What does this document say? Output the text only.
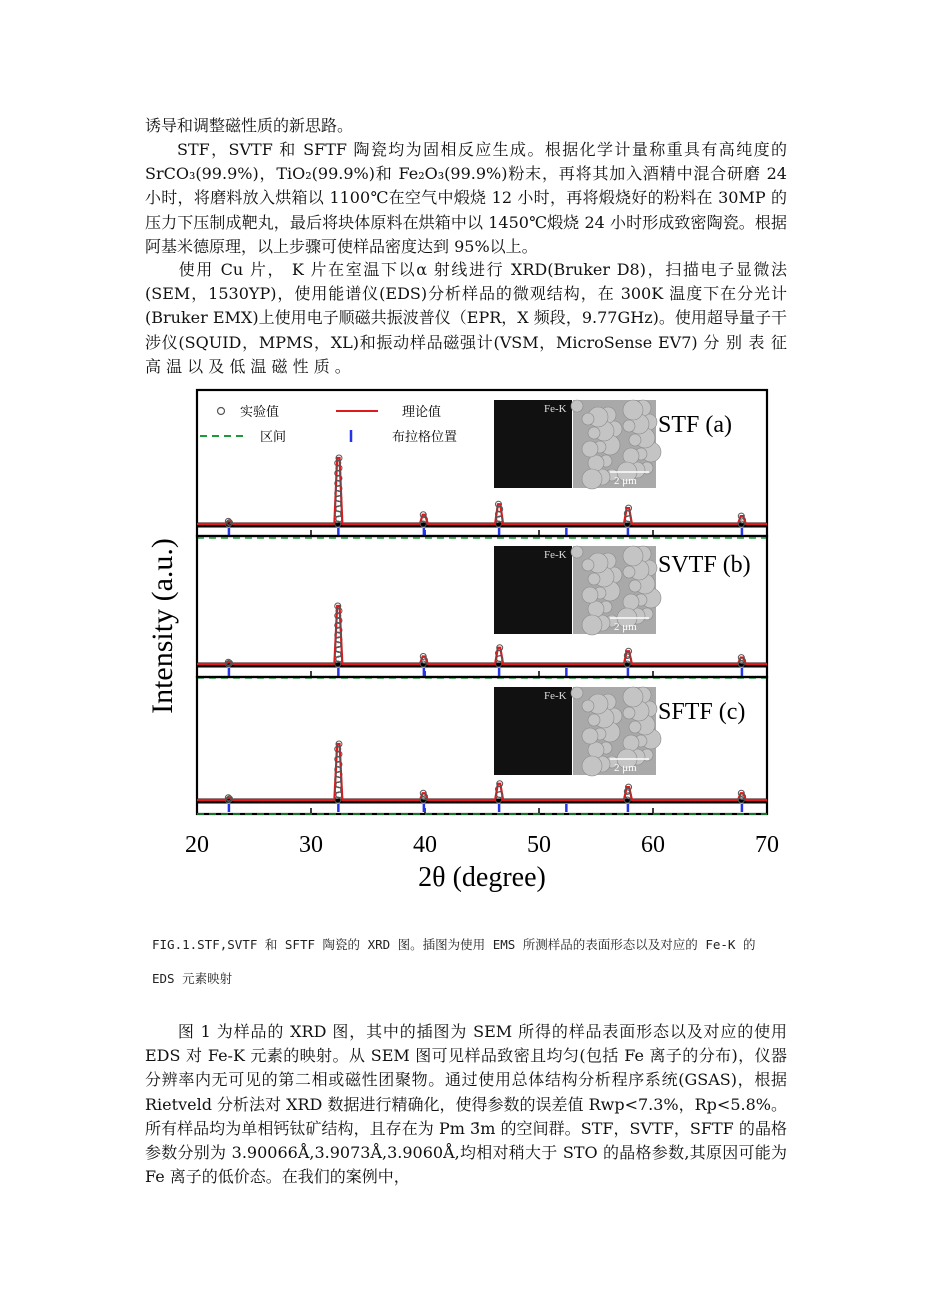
诱导和调整磁性质的新思路。

STF，SVTF 和 SFTF 陶瓷均为固相反应生成。根据化学计量称重具有高纯度的 SrCO₃(99.9%)，TiO₂(99.9%)和 Fe₂O₃(99.9%)粉末，再将其加入酒精中混合研磨 24 小时，将磨料放入烘箱以 1100℃在空气中煅烧 12 小时，再将煅烧好的粉料在 30MP 的压力下压制成靶丸，最后将块体原料在烘箱中以 1450℃煅烧 24 小时形成致密陶瓷。根据阿基米德原理，以上步骤可使样品密度达到 95%以上。

使用 Cu 片， K 片在室温下以α 射线进行 XRD(Bruker D8)，扫描电子显微法(SEM，1530YP)，使用能谱仪(EDS)分析样品的微观结构，在 300K 温度下在分光计(Bruker EMX)上使用电子顺磁共振波普仪（EPR，X 频段，9.77GHz)。使用超导量子干涉仪(SQUID，MPMS，XL)和振动样品磁强计(VSM，MicroSense EV7) 分 别 表 征 高 温 以 及 低 温 磁 性 质 。

Fe-K
2 μm
STF (a)
Fe-K
2 μm
SVTF (b)
Fe-K
2 μm
SFTF (c)
实验值	理论值
区间	布拉格位置
20	30	40	50	60	70
2θ (degree)
Intensity (a.u.)

FIG.1.STF,SVTF 和 SFTF 陶瓷的 XRD 图。插图为使用 EMS 所测样品的表面形态以及对应的 Fe-K 的 EDS 元素映射

图 1 为样品的 XRD 图，其中的插图为 SEM 所得的样品表面形态以及对应的使用 EDS 对 Fe-K 元素的映射。从 SEM 图可见样品致密且均匀(包括 Fe 离子的分布)，仪器分辨率内无可见的第二相或磁性团聚物。通过使用总体结构分析程序系统(GSAS)，根据 Rietveld 分析法对 XRD 数据进行精确化，使得参数的误差值 Rwp<7.3%，Rp<5.8%。所有样品均为单相钙钛矿结构，且存在为 Pm 3̄m 的空间群。STF，SVTF，SFTF 的晶格参数分别为 3.90066Å,3.9073Å,3.9060Å,均相对稍大于 STO 的晶格参数,其原因可能为 Fe 离子的低价态。在我们的案例中，
